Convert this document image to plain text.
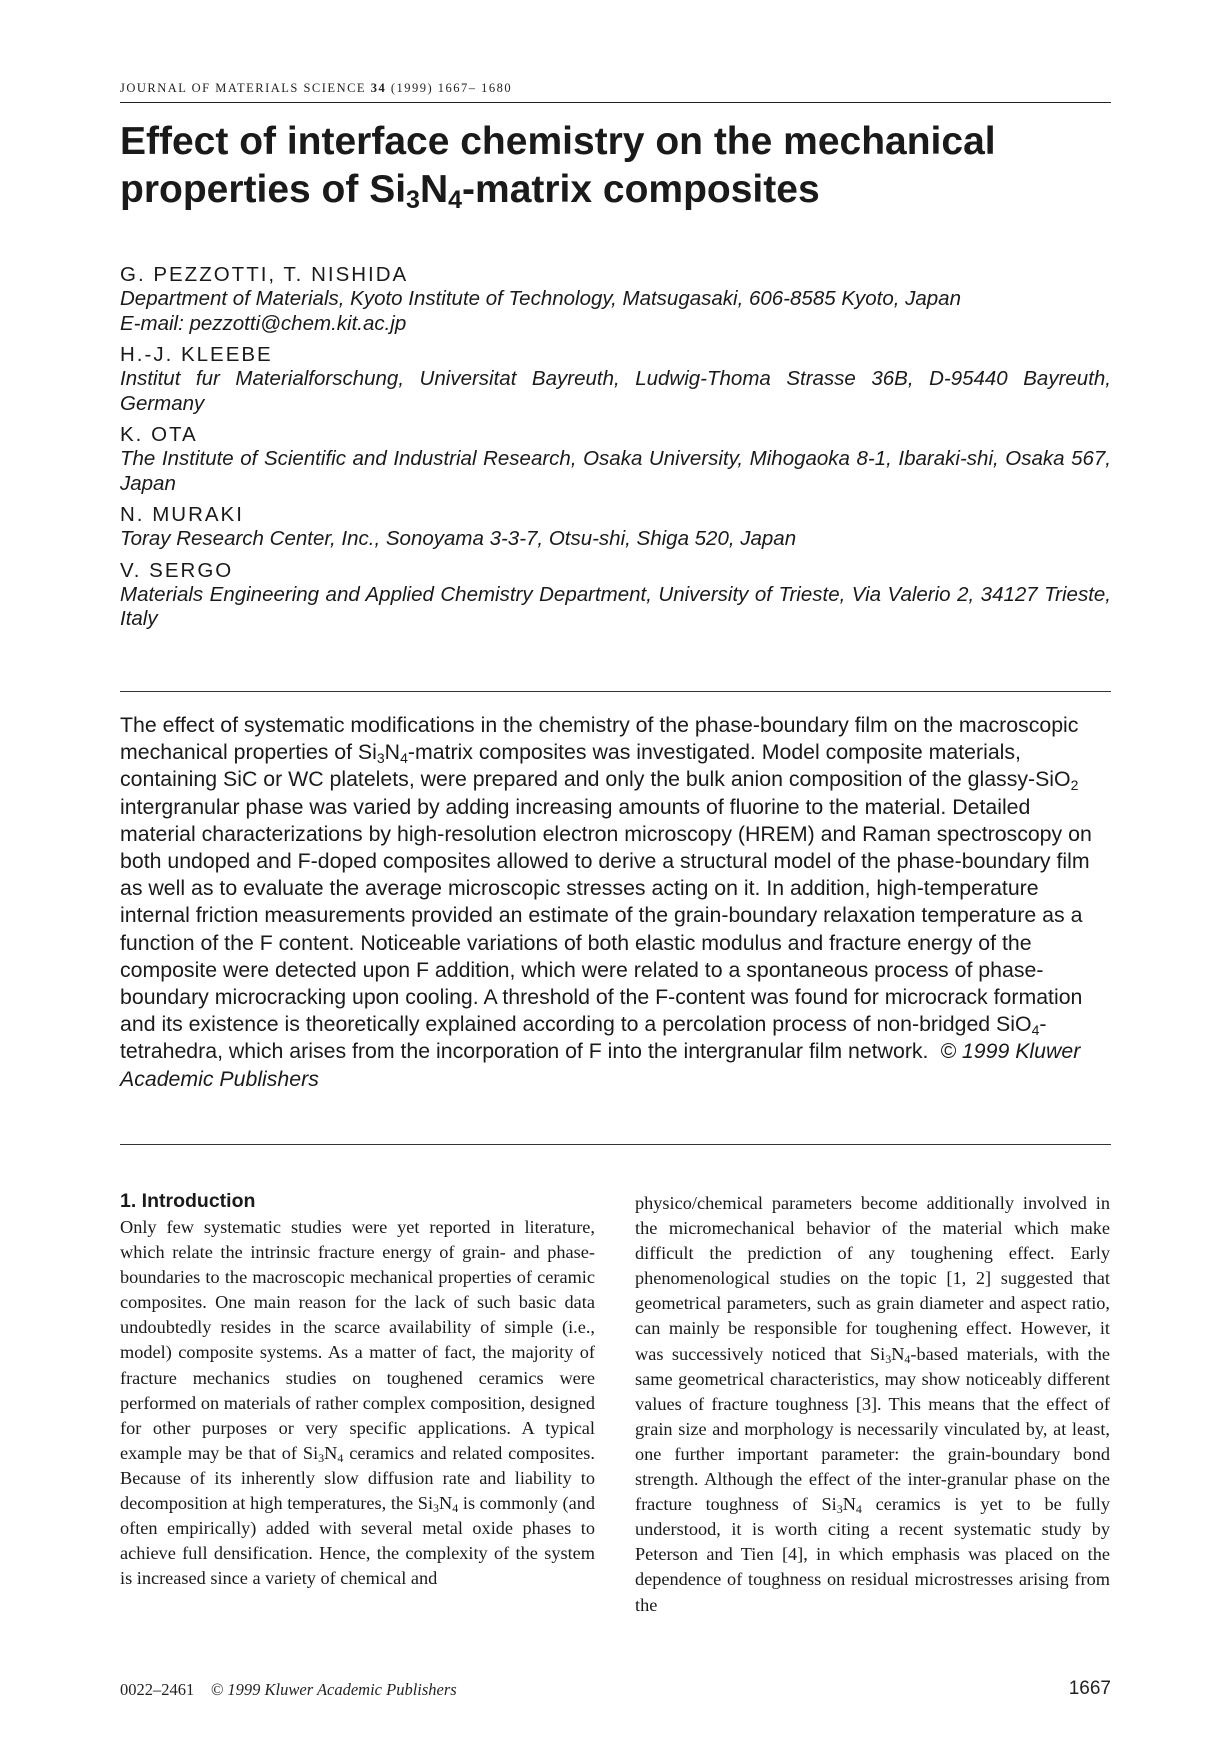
JOURNAL OF MATERIALS SCIENCE 34 (1999) 1667– 1680
Effect of interface chemistry on the mechanical
properties of $Si_3N_4$-matrix composites
G. PEZZOTTI, T. NISHIDA
Department of Materials, Kyoto Institute of Technology, Matsugasaki, 606-8585 Kyoto, Japan
E-mail: pezzotti@chem.kit.ac.jp
H.-J. KLEEBE
Institut fur Materialforschung, Universitat Bayreuth, Ludwig-Thoma Strasse 36B, D-95440 Bayreuth, Germany
K. OTA
The Institute of Scientific and Industrial Research, Osaka University, Mihogaoka 8-1, Ibaraki-shi, Osaka 567, Japan
N. MURAKI
Toray Research Center, Inc., Sonoyama 3-3-7, Otsu-shi, Shiga 520, Japan
V. SERGO
Materials Engineering and Applied Chemistry Department, University of Trieste, Via Valerio 2, 34127 Trieste, Italy

The effect of systematic modifications in the chemistry of the phase-boundary film on the macroscopic mechanical properties of $Si_3N_4$-matrix composites was investigated. Model composite materials, containing SiC or WC platelets, were prepared and only the bulk anion composition of the glassy-SiO$_2$ intergranular phase was varied by adding increasing amounts of fluorine to the material. Detailed material characterizations by high-resolution electron microscopy (HREM) and Raman spectroscopy on both undoped and F-doped composites allowed to derive a structural model of the phase-boundary film as well as to evaluate the average microscopic stresses acting on it. In addition, high-temperature internal friction measurements provided an estimate of the grain-boundary relaxation temperature as a function of the F content. Noticeable variations of both elastic modulus and fracture energy of the composite were detected upon F addition, which were related to a spontaneous process of phase-boundary microcracking upon cooling. A threshold of the F-content was found for microcrack formation and its existence is theoretically explained according to a percolation process of non-bridged SiO$_4$-tetrahedra, which arises from the incorporation of F into the intergranular film network. © 1999 Kluwer Academic Publishers

1. Introduction

Only few systematic studies were yet reported in literature, which relate the intrinsic fracture energy of grain- and phase-boundaries to the macroscopic mechanical properties of ceramic composites. One main reason for the lack of such basic data undoubtedly resides in the scarce availability of simple (i.e., model) composite systems. As a matter of fact, the majority of fracture mechanics studies on toughened ceramics were performed on materials of rather complex composition, designed for other purposes or very specific applications. A typical example may be that of $Si_3N_4$ ceramics and related composites. Because of its inherently slow diffusion rate and liability to decomposition at high temperatures, the $Si_3N_4$ is commonly (and often empirically) added with several metal oxide phases to achieve full densification. Hence, the complexity of the system is increased since a variety of chemical and

physico/chemical parameters become additionally involved in the micromechanical behavior of the material which make difficult the prediction of any toughening effect. Early phenomenological studies on the topic [1, 2] suggested that geometrical parameters, such as grain diameter and aspect ratio, can mainly be responsible for toughening effect. However, it was successively noticed that $Si_3N_4$-based materials, with the same geometrical characteristics, may show noticeably different values of fracture toughness [3]. This means that the effect of grain size and morphology is necessarily vinculated by, at least, one further important parameter: the grain-boundary bond strength. Although the effect of the inter-granular phase on the fracture toughness of $Si_3N_4$ ceramics is yet to be fully understood, it is worth citing a recent systematic study by Peterson and Tien [4], in which emphasis was placed on the dependence of toughness on residual microstresses arising from the

0022–2461 © 1999 Kluwer Academic Publishers	1667
